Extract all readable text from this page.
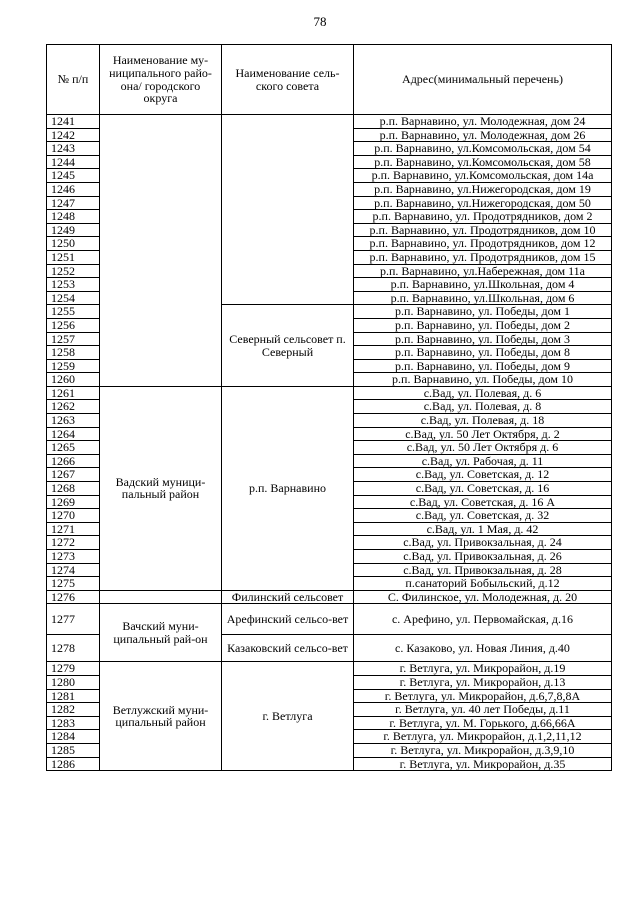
78
№ п/п	Наименование му-ниципального райо-она/ городского округа	Наименование сель-ского совета	Адрес(минимальный перечень)
1241			р.п. Варнавино, ул. Молодежная, дом 24
1242			р.п. Варнавино, ул. Молодежная, дом 26
1243			р.п. Варнавино, ул.Комсомольская, дом 54
1244			р.п. Варнавино, ул.Комсомольская, дом 58
1245			р.п. Варнавино, ул.Комсомольская, дом 14а
1246			р.п. Варнавино, ул.Нижегородская, дом 19
1247			р.п. Варнавино, ул.Нижегородская, дом 50
1248			р.п. Варнавино, ул. Продотрядников, дом 2
1249			р.п. Варнавино, ул. Продотрядников, дом 10
1250			р.п. Варнавино, ул. Продотрядников, дом 12
1251			р.п. Варнавино, ул. Продотрядников, дом 15
1252			р.п. Варнавино, ул.Набережная, дом 11а
1253			р.п. Варнавино, ул.Школьная, дом 4
1254			р.п. Варнавино, ул.Школьная, дом 6
1255		Северный сельсовет п. Северный	р.п. Варнавино, ул. Победы, дом 1
1256			р.п. Варнавино, ул. Победы, дом 2
1257			р.п. Варнавино, ул. Победы, дом 3
1258			р.п. Варнавино, ул. Победы, дом 8
1259			р.п. Варнавино, ул. Победы, дом 9
1260			р.п. Варнавино, ул. Победы, дом 10
1261	Вадский муници-пальный район	р.п. Варнавино	с.Вад, ул. Полевая, д. 6
1262			с.Вад, ул. Полевая, д. 8
1263			с.Вад, ул. Полевая, д. 18
1264			с.Вад, ул. 50 Лет Октября, д. 2
1265			с.Вад, ул. 50 Лет Октября д. 6
1266			с.Вад, ул. Рабочая, д. 11
1267			с.Вад, ул. Советская, д. 12
1268			с.Вад, ул. Советская, д. 16
1269			с.Вад, ул. Советская, д. 16 А
1270			с.Вад, ул. Советская, д. 32
1271			с.Вад, ул. 1 Мая, д. 42
1272			с.Вад, ул. Привокзальная, д. 24
1273			с.Вад, ул. Привокзальная, д. 26
1274			с.Вад, ул. Привокзальная, д. 28
1275			п.санаторий Бобыльский, д.12
1276		Филинский сельсовет	С. Филинское, ул. Молодежная, д. 20
1277	Вачский муни-ципальный рай-он	Арефинский сельсо-вет	с. Арефино, ул. Первомайская, д.16
1278		Казаковский сельсо-вет	с. Казаково, ул. Новая Линия, д.40
1279	Ветлужский муни-ципальный район	г. Ветлуга	г. Ветлуга, ул. Микрорайон, д.19
1280			г. Ветлуга, ул. Микрорайон, д.13
1281			г. Ветлуга, ул. Микрорайон, д.6,7,8,8А
1282			г. Ветлуга, ул. 40 лет Победы, д.11
1283			г. Ветлуга, ул. М. Горького, д.66,66А
1284			г. Ветлуга, ул. Микрорайон, д.1,2,11,12
1285			г. Ветлуга, ул. Микрорайон, д.3,9,10
1286			г. Ветлуга, ул. Микрорайон, д.35
